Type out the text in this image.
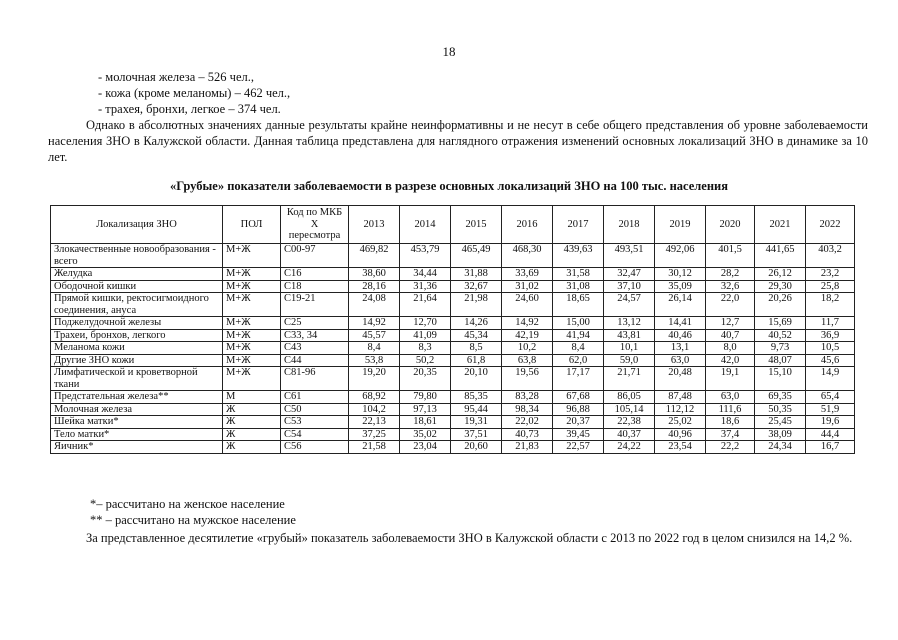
18
- молочная железа – 526 чел.,
- кожа (кроме меланомы) – 462 чел.,
- трахея, бронхи, легкое – 374 чел.
Однако в абсолютных значениях данные результаты крайне неинформативны и не несут в себе общего представления об уровне заболеваемости населения ЗНО в Калужской области. Данная таблица представлена для наглядного отражения изменений основных локализаций ЗНО в динамике за 10 лет.
«Грубые» показатели заболеваемости в разрезе основных локализаций ЗНО на 100 тыс. населения
Локализация ЗНО	ПОЛ	Код по МКБ X пересмотра	2013	2014	2015	2016	2017	2018	2019	2020	2021	2022
Злокачественные новообразования - всего	М+Ж	С00-97	469,82	453,79	465,49	468,30	439,63	493,51	492,06	401,5	441,65	403,2
Желудка	М+Ж	С16	38,60	34,44	31,88	33,69	31,58	32,47	30,12	28,2	26,12	23,2
Ободочной кишки	М+Ж	С18	28,16	31,36	32,67	31,02	31,08	37,10	35,09	32,6	29,30	25,8
Прямой кишки, ректосигмоидного соединения, ануса	М+Ж	С19-21	24,08	21,64	21,98	24,60	18,65	24,57	26,14	22,0	20,26	18,2
Поджелудочной железы	М+Ж	С25	14,92	12,70	14,26	14,92	15,00	13,12	14,41	12,7	15,69	11,7
Трахеи, бронхов, легкого	М+Ж	С33, 34	45,57	41,09	45,34	42,19	41,94	43,81	40,46	40,7	40,52	36,9
Меланома кожи	М+Ж	С43	8,4	8,3	8,5	10,2	8,4	10,1	13,1	8,0	9,73	10,5
Другие ЗНО кожи	М+Ж	С44	53,8	50,2	61,8	63,8	62,0	59,0	63,0	42,0	48,07	45,6
Лимфатической и кроветворной ткани	М+Ж	С81-96	19,20	20,35	20,10	19,56	17,17	21,71	20,48	19,1	15,10	14,9
Предстательная железа**	М	С61	68,92	79,80	85,35	83,28	67,68	86,05	87,48	63,0	69,35	65,4
Молочная железа	Ж	С50	104,2	97,13	95,44	98,34	96,88	105,14	112,12	111,6	50,35	51,9
Шейка матки*	Ж	С53	22,13	18,61	19,31	22,02	20,37	22,38	25,02	18,6	25,45	19,6
Тело матки*	Ж	С54	37,25	35,02	37,51	40,73	39,45	40,37	40,96	37,4	38,09	44,4
Яичник*	Ж	С56	21,58	23,04	20,60	21,83	22,57	24,22	23,54	22,2	24,34	16,7
*– рассчитано на женское население
** – рассчитано на мужское население
За представленное десятилетие «грубый» показатель заболеваемости ЗНО в Калужской области с 2013 по 2022 год в целом снизился на 14,2 %.
